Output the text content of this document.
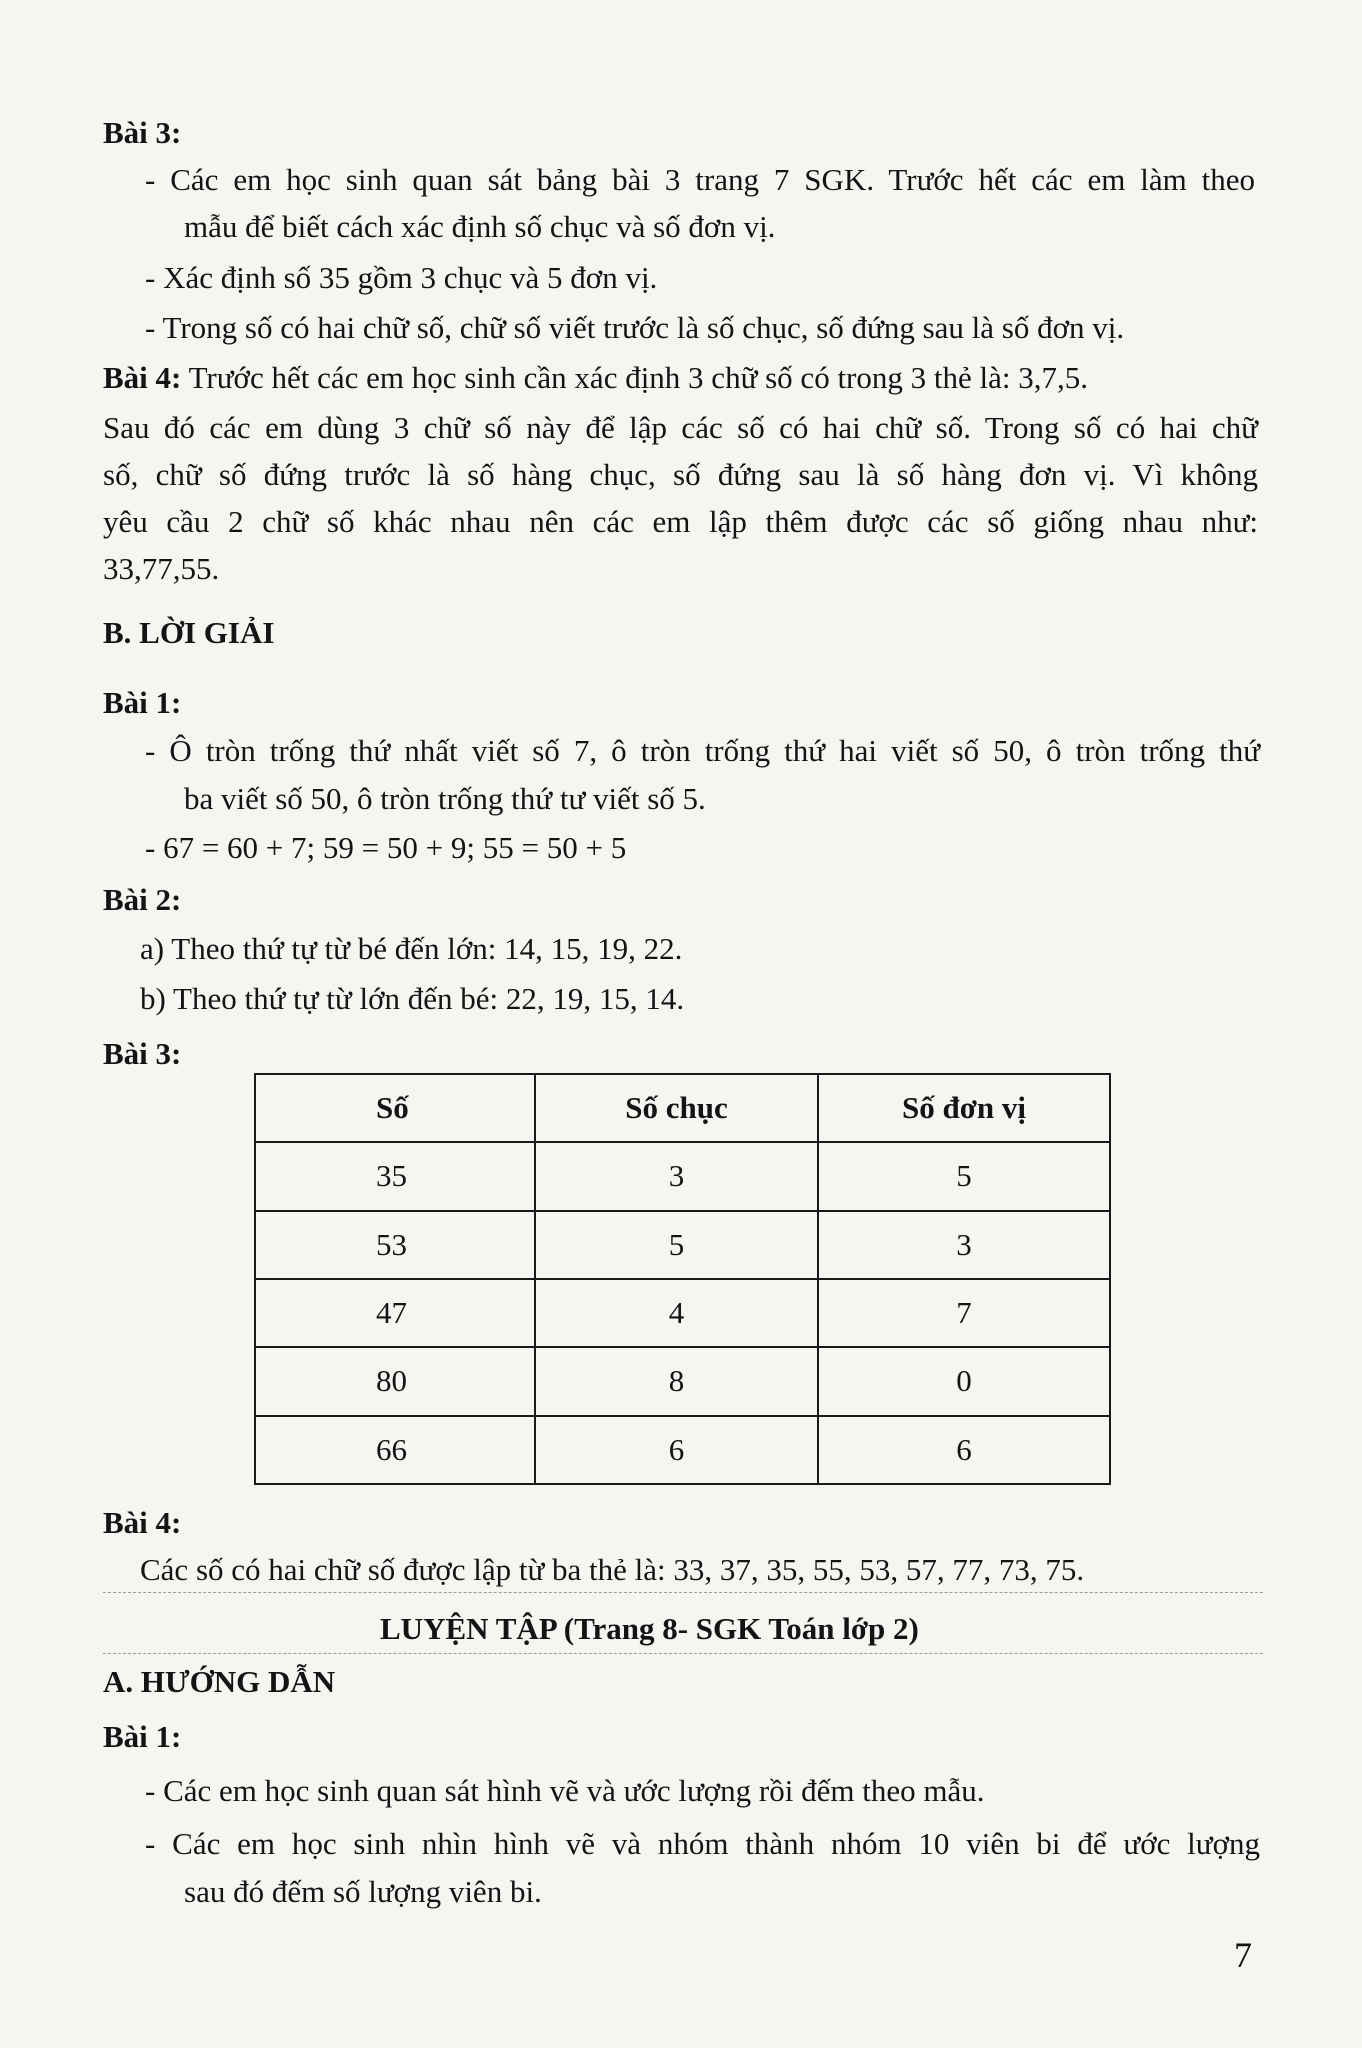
Bài 3:
- Các em học sinh quan sát bảng bài 3 trang 7 SGK. Trước hết các em làm theo
mẫu để biết cách xác định số chục và số đơn vị.
- Xác định số 35 gồm 3 chục và 5 đơn vị.
- Trong số có hai chữ số, chữ số viết trước là số chục, số đứng sau là số đơn vị.
Bài 4: Trước hết các em học sinh cần xác định 3 chữ số có trong 3 thẻ là: 3,7,5.
Sau đó các em dùng 3 chữ số này để lập các số có hai chữ số. Trong số có hai chữ
số, chữ số đứng trước là số hàng chục, số đứng sau là số hàng đơn vị. Vì không
yêu cầu 2 chữ số khác nhau nên các em lập thêm được các số giống nhau như:
33,77,55.
B. LỜI GIẢI
Bài 1:
- Ô tròn trống thứ nhất viết số 7, ô tròn trống thứ hai viết số 50, ô tròn trống thứ
ba viết số 50, ô tròn trống thứ tư viết số 5.
- 67 = 60 + 7; 59 = 50 + 9; 55 = 50 + 5
Bài 2:
a) Theo thứ tự từ bé đến lớn: 14, 15, 19, 22.
b) Theo thứ tự từ lớn đến bé: 22, 19, 15, 14.
Bài 3:
Số	Số chục	Số đơn vị
35	3	5
53	5	3
47	4	7
80	8	0
66	6	6
Bài 4:
Các số có hai chữ số được lập từ ba thẻ là: 33, 37, 35, 55, 53, 57, 77, 73, 75.
LUYỆN TẬP (Trang 8- SGK Toán lớp 2)
A. HƯỚNG DẪN
Bài 1:
- Các em học sinh quan sát hình vẽ và ước lượng rồi đếm theo mẫu.
- Các em học sinh nhìn hình vẽ và nhóm thành nhóm 10 viên bi để ước lượng
sau đó đếm số lượng viên bi.
7
